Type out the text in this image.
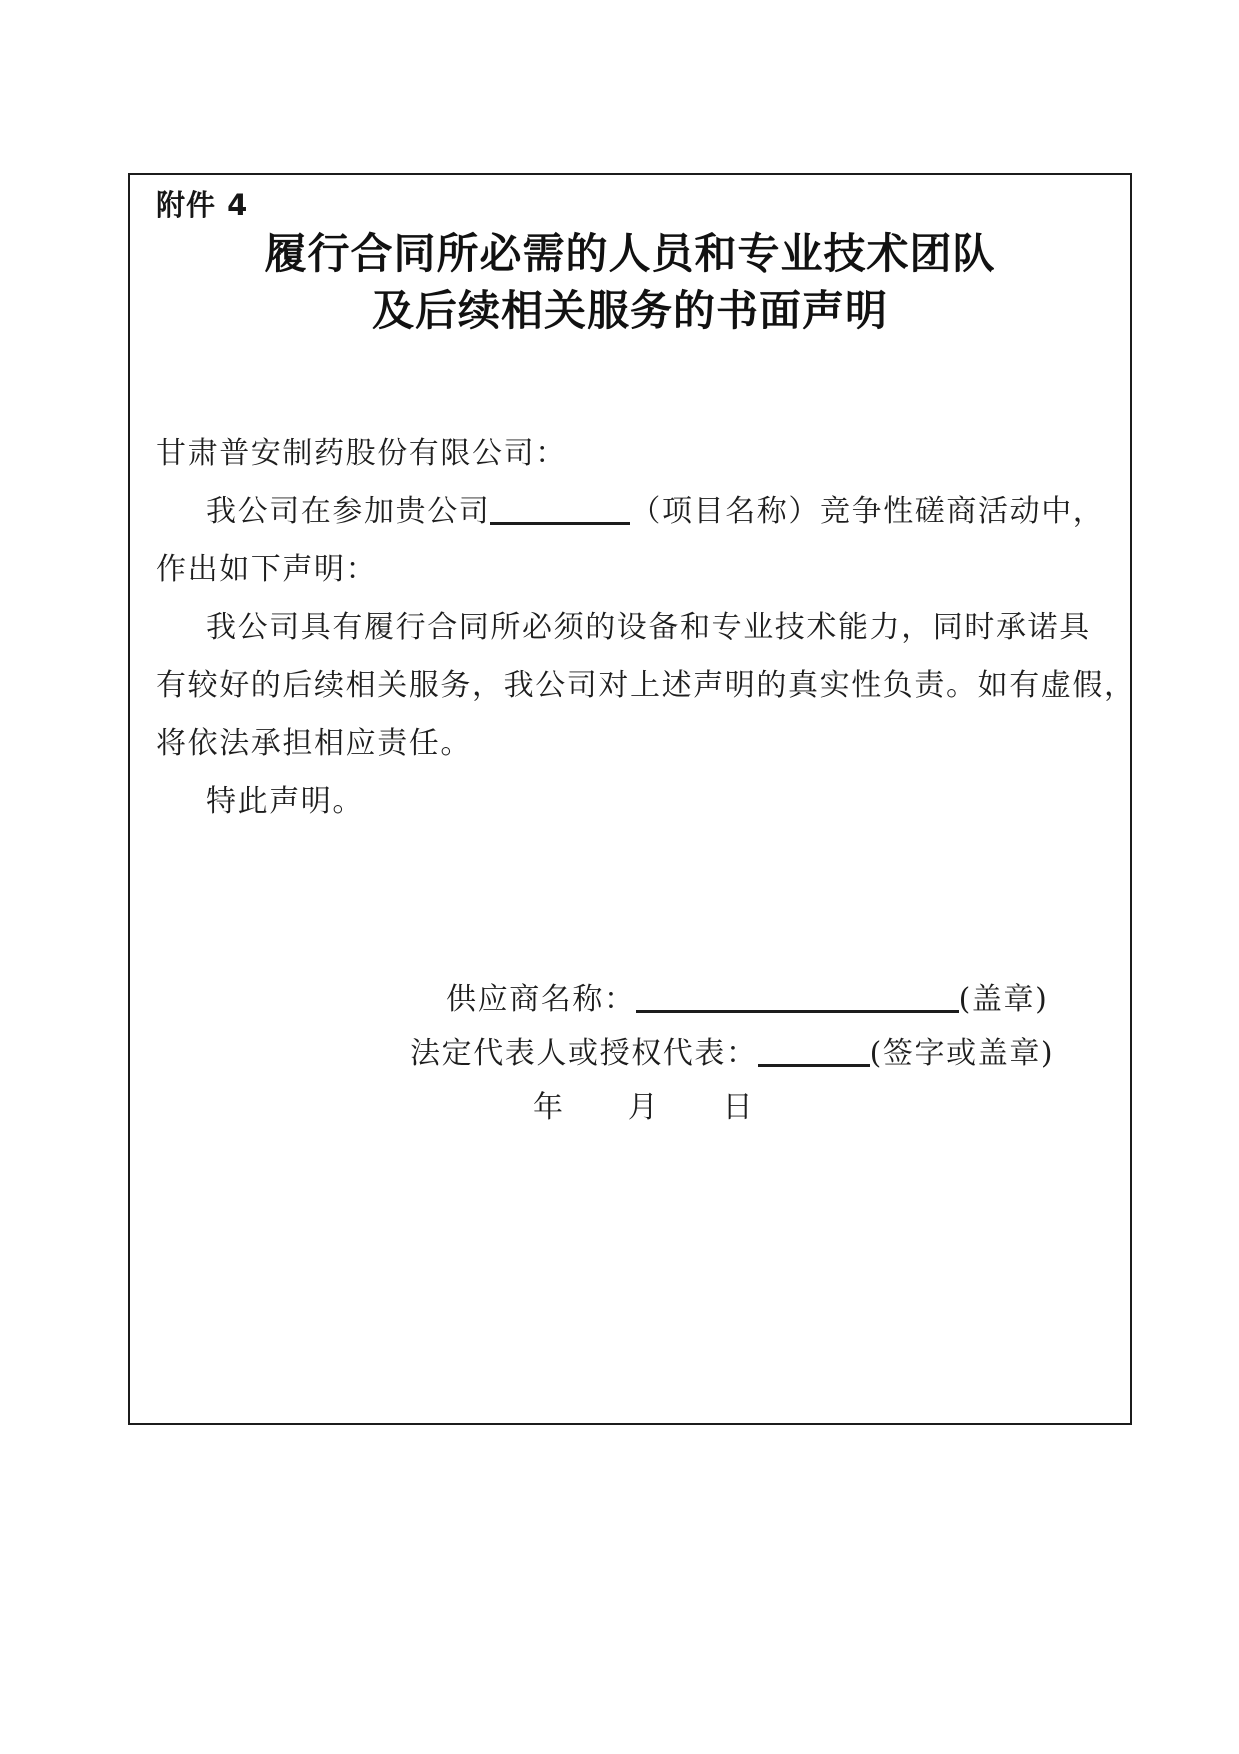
附件 4
履行合同所必需的人员和专业技术团队
及后续相关服务的书面声明
甘肃普安制药股份有限公司：
我公司在参加贵公司	（项目名称）竞争性磋商活动中，
作出如下声明：
我公司具有履行合同所必须的设备和专业技术能力，同时承诺具
有较好的后续相关服务，我公司对上述声明的真实性负责。如有虚假，
将依法承担相应责任。
特此声明。
供应商名称：	(盖章)
法定代表人或授权代表：	(签字或盖章)
年　　月　　日
